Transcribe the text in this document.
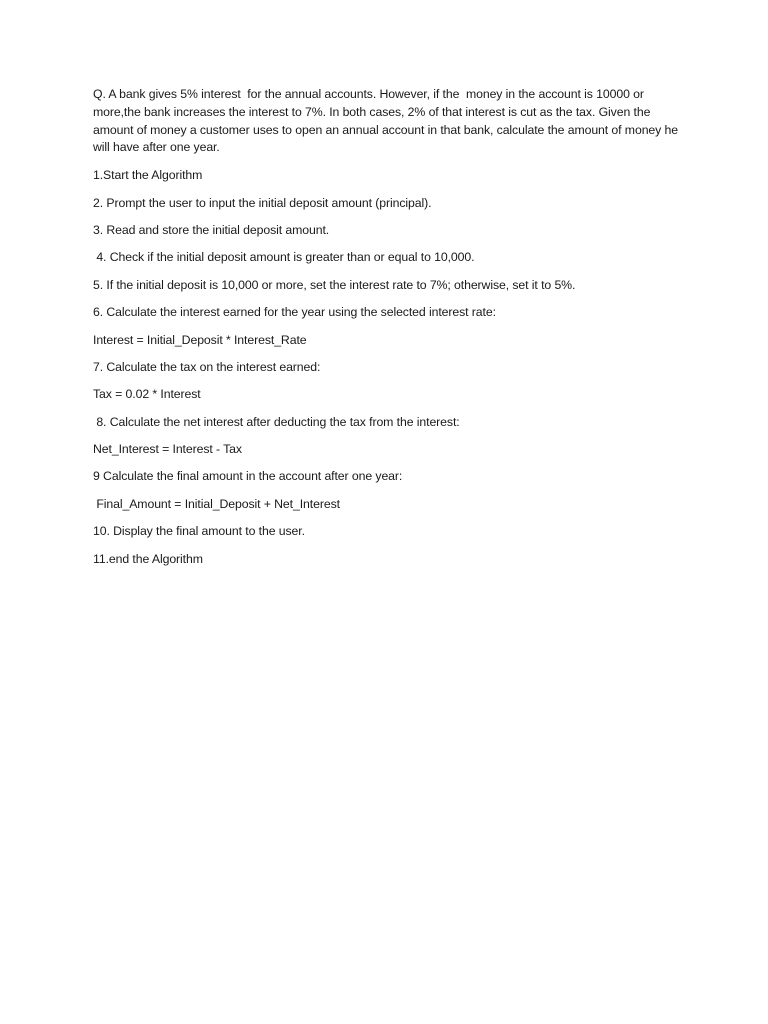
Q. A bank gives 5% interest  for the annual accounts. However, if the  money in the account is 10000 or more,the bank increases the interest to 7%. In both cases, 2% of that interest is cut as the tax. Given the amount of money a customer uses to open an annual account in that bank, calculate the amount of money he will have after one year.

1.Start the Algorithm
2. Prompt the user to input the initial deposit amount (principal).
3. Read and store the initial deposit amount.
4. Check if the initial deposit amount is greater than or equal to 10,000.
5. If the initial deposit is 10,000 or more, set the interest rate to 7%; otherwise, set it to 5%.
6. Calculate the interest earned for the year using the selected interest rate:
Interest = Initial_Deposit * Interest_Rate
7. Calculate the tax on the interest earned:
Tax = 0.02 * Interest
8. Calculate the net interest after deducting the tax from the interest:
Net_Interest = Interest - Tax
9 Calculate the final amount in the account after one year:
Final_Amount = Initial_Deposit + Net_Interest
10. Display the final amount to the user.
11.end the Algorithm
